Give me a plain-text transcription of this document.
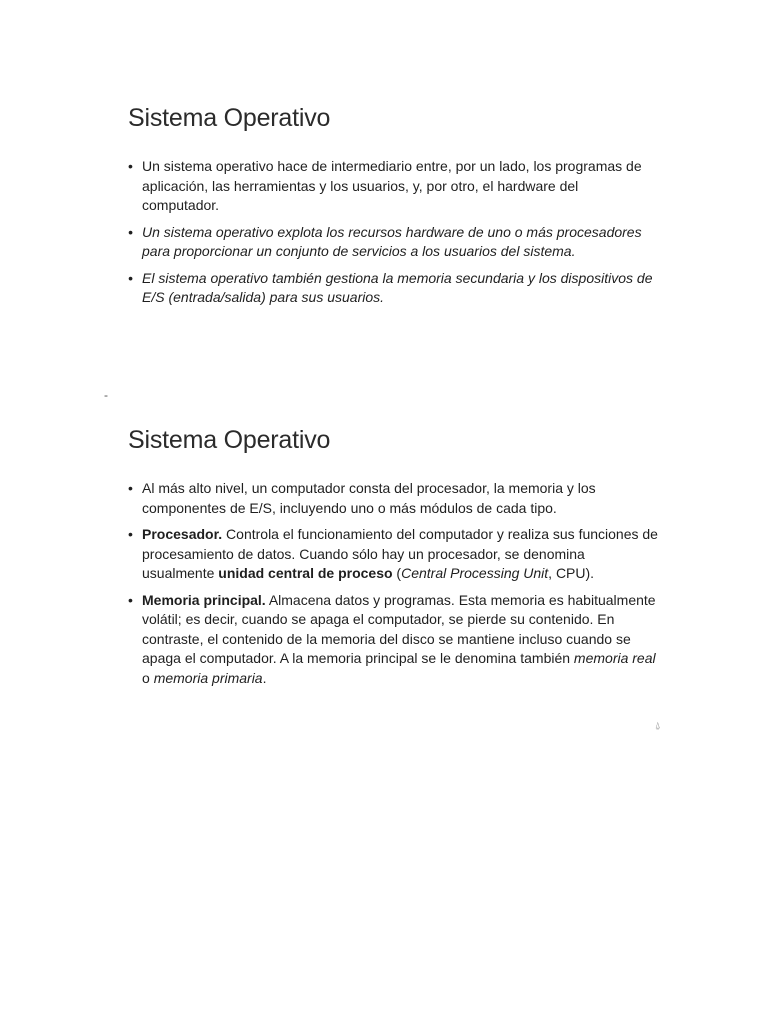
Sistema Operativo
• Un sistema operativo hace de intermediario entre, por un lado, los programas de aplicación, las herramientas y los usuarios, y, por otro, el hardware del computador.
• Un sistema operativo explota los recursos hardware de uno o más procesadores para proporcionar un conjunto de servicios a los usuarios del sistema.
• El sistema operativo también gestiona la memoria secundaria y los dispositivos de E/S (entrada/salida) para sus usuarios.
-
Sistema Operativo
• Al más alto nivel, un computador consta del procesador, la memoria y los componentes de E/S, incluyendo uno o más módulos de cada tipo.
• Procesador. Controla el funcionamiento del computador y realiza sus funciones de procesamiento de datos. Cuando sólo hay un procesador, se denomina usualmente unidad central de proceso (Central Processing Unit, CPU).
• Memoria principal. Almacena datos y programas. Esta memoria es habitualmente volátil; es decir, cuando se apaga el computador, se pierde su contenido. En contraste, el contenido de la memoria del disco se mantiene incluso cuando se apaga el computador. A la memoria principal se le denomina también memoria real o memoria primaria.
⍙
